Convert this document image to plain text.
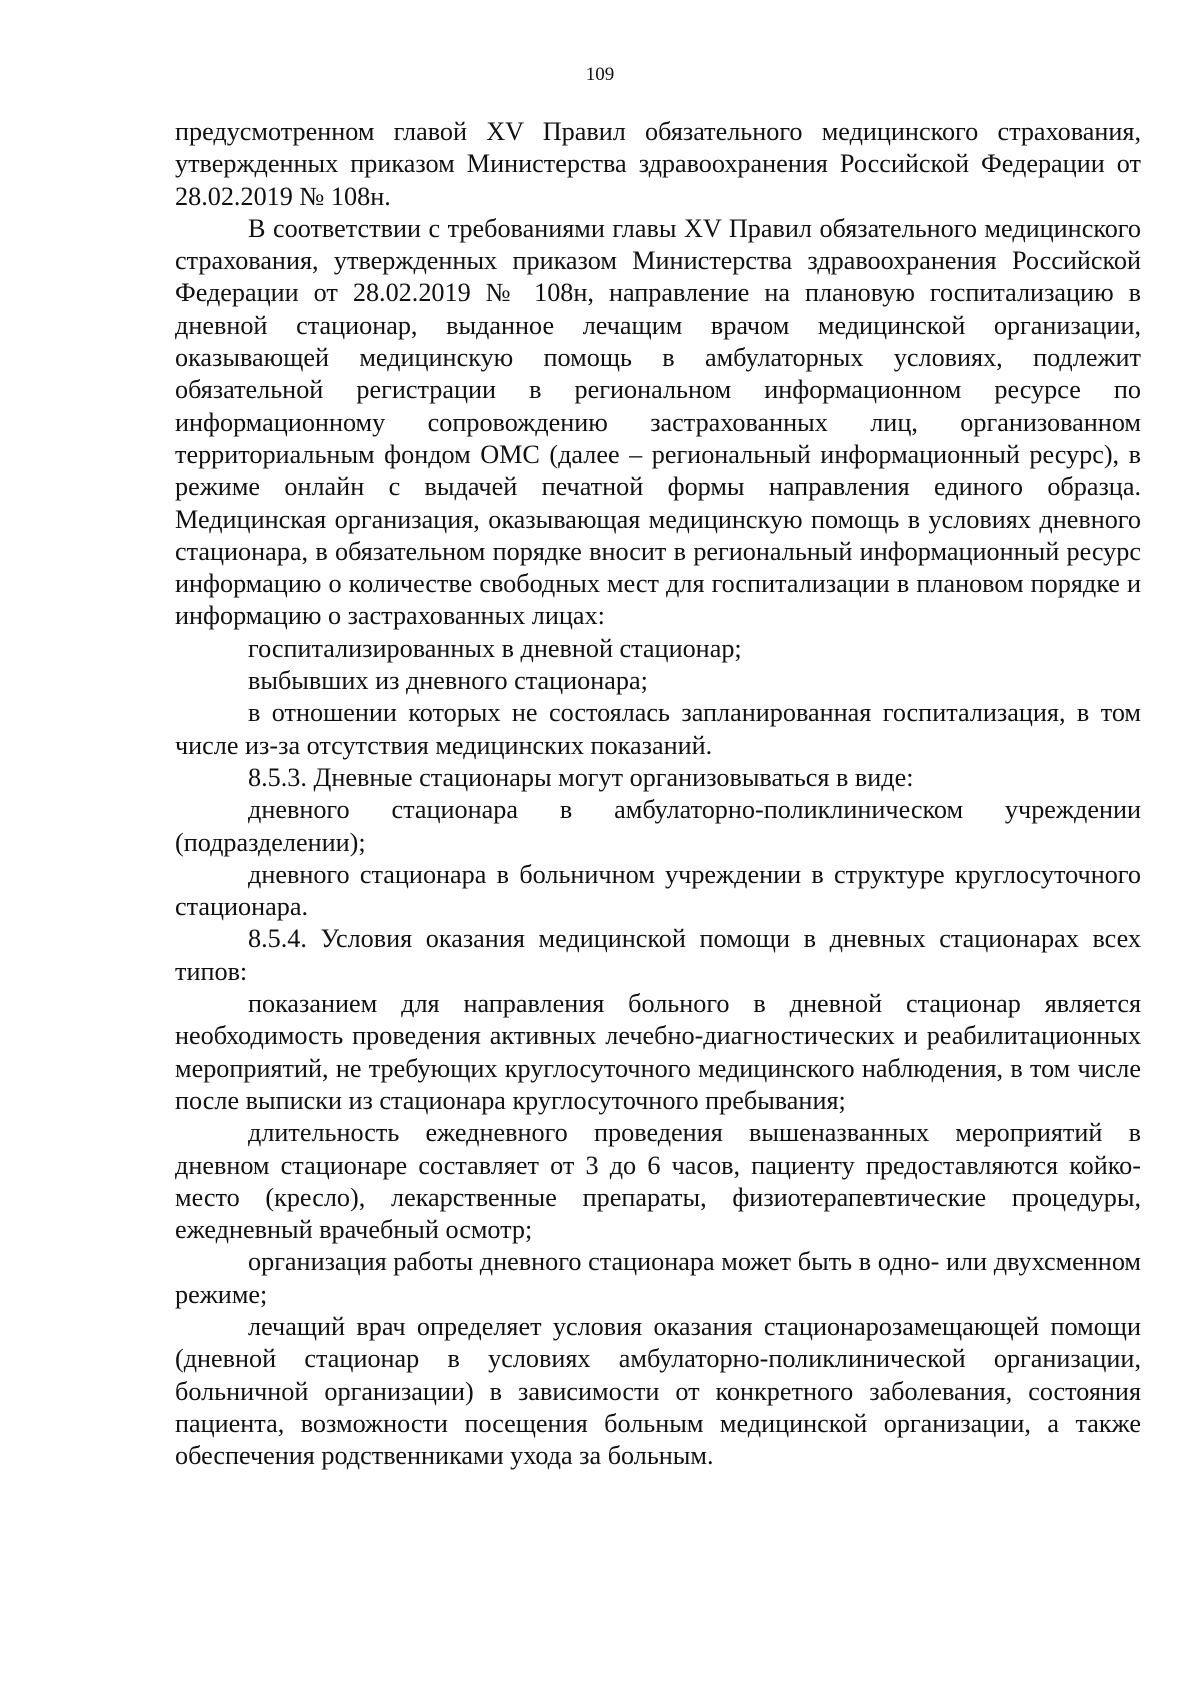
109

предусмотренном главой XV Правил обязательного медицинского страхования, утвержденных приказом Министерства здравоохранения Российской Федерации от 28.02.2019 № 108н.

В соответствии с требованиями главы XV Правил обязательного медицинского страхования, утвержденных приказом Министерства здравоохранения Российской Федерации от 28.02.2019 № 108н, направление на плановую госпитализацию в дневной стационар, выданное лечащим врачом медицинской организации, оказывающей медицинскую помощь в амбулаторных условиях, подлежит обязательной регистрации в региональном информационном ресурсе по информационному сопровождению застрахованных лиц, организованном территориальным фондом ОМС (далее – региональный информационный ресурс), в режиме онлайн с выдачей печатной формы направления единого образца. Медицинская организация, оказывающая медицинскую помощь в условиях дневного стационара, в обязательном порядке вносит в региональный информационный ресурс информацию о количестве свободных мест для госпитализации в плановом порядке и информацию о застрахованных лицах:

госпитализированных в дневной стационар;

выбывших из дневного стационара;

в отношении которых не состоялась запланированная госпитализация, в том числе из-за отсутствия медицинских показаний.

8.5.3. Дневные стационары могут организовываться в виде:

дневного стационара в амбулаторно-поликлиническом учреждении (подразделении);

дневного стационара в больничном учреждении в структуре круглосуточного стационара.

8.5.4. Условия оказания медицинской помощи в дневных стационарах всех типов:

показанием для направления больного в дневной стационар является необходимость проведения активных лечебно-диагностических и реабилитационных мероприятий, не требующих круглосуточного медицинского наблюдения, в том числе после выписки из стационара круглосуточного пребывания;

длительность ежедневного проведения вышеназванных мероприятий в дневном стационаре составляет от 3 до 6 часов, пациенту предоставляются койко-место (кресло), лекарственные препараты, физиотерапевтические процедуры, ежедневный врачебный осмотр;

организация работы дневного стационара может быть в одно- или двухсменном режиме;

лечащий врач определяет условия оказания стационарозамещающей помощи (дневной стационар в условиях амбулаторно-поликлинической организации, больничной организации) в зависимости от конкретного заболевания, состояния пациента, возможности посещения больным медицинской организации, а также обеспечения родственниками ухода за больным.
